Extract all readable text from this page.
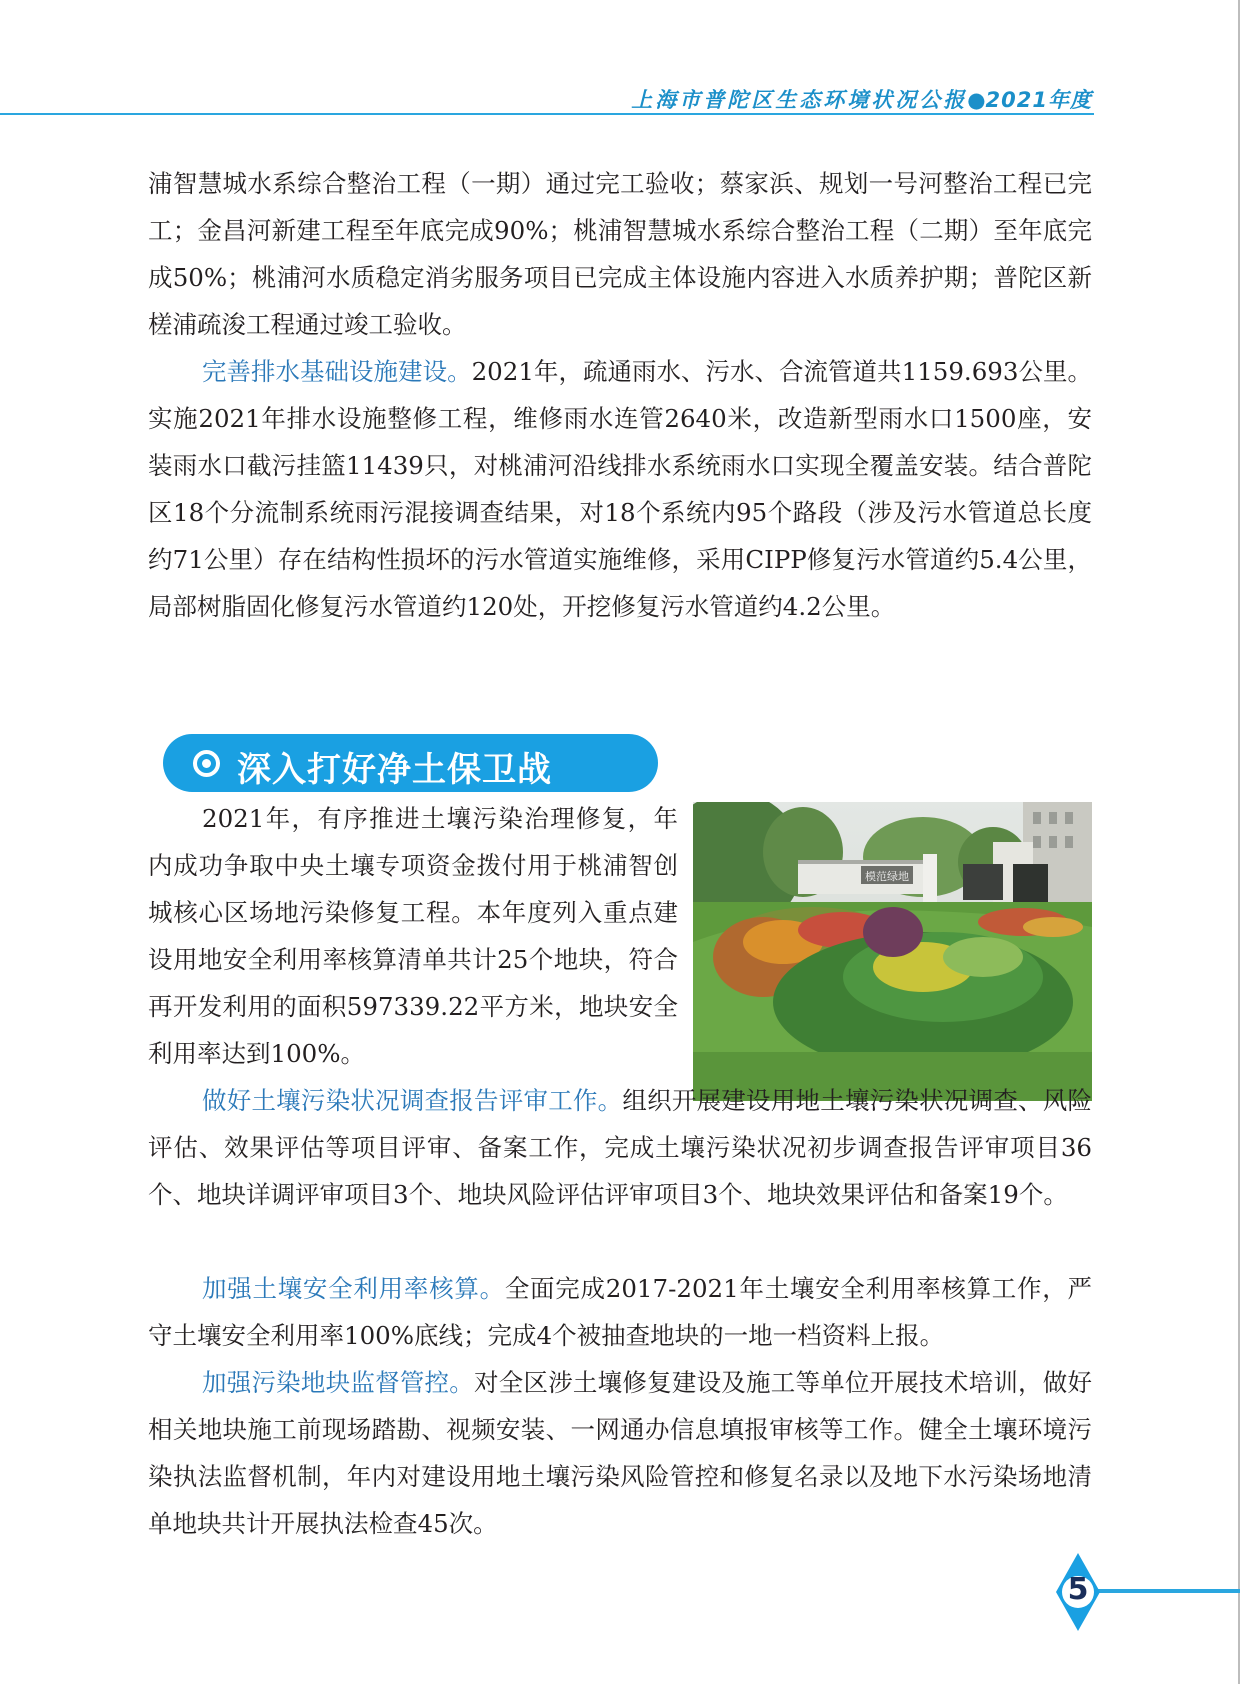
上海市普陀区生态环境状况公报●2021年度

浦智慧城水系综合整治工程（一期）通过完工验收；蔡家浜、规划一号河整治工程已完工；金昌河新建工程至年底完成90%；桃浦智慧城水系综合整治工程（二期）至年底完成50%；桃浦河水质稳定消劣服务项目已完成主体设施内容进入水质养护期；普陀区新槎浦疏浚工程通过竣工验收。

完善排水基础设施建设。2021年，疏通雨水、污水、合流管道共1159.693公里。实施2021年排水设施整修工程，维修雨水连管2640米，改造新型雨水口1500座，安装雨水口截污挂篮11439只，对桃浦河沿线排水系统雨水口实现全覆盖安装。结合普陀区18个分流制系统雨污混接调查结果，对18个系统内95个路段（涉及污水管道总长度约71公里）存在结构性损坏的污水管道实施维修，采用CIPP修复污水管道约5.4公里，局部树脂固化修复污水管道约120处，开挖修复污水管道约4.2公里。

深入打好净土保卫战

2021年，有序推进土壤污染治理修复，年内成功争取中央土壤专项资金拨付用于桃浦智创城核心区场地污染修复工程。本年度列入重点建设用地安全利用率核算清单共计25个地块，符合再开发利用的面积597339.22平方米，地块安全利用率达到100%。

模范绿地

做好土壤污染状况调查报告评审工作。组织开展建设用地土壤污染状况调查、风险评估、效果评估等项目评审、备案工作，完成土壤污染状况初步调查报告评审项目36个、地块详调评审项目3个、地块风险评估评审项目3个、地块效果评估和备案19个。

加强土壤安全利用率核算。全面完成2017-2021年土壤安全利用率核算工作，严守土壤安全利用率100%底线；完成4个被抽查地块的一地一档资料上报。

加强污染地块监督管控。对全区涉土壤修复建设及施工等单位开展技术培训，做好相关地块施工前现场踏勘、视频安装、一网通办信息填报审核等工作。健全土壤环境污染执法监督机制，年内对建设用地土壤污染风险管控和修复名录以及地下水污染场地清单地块共计开展执法检查45次。

5
